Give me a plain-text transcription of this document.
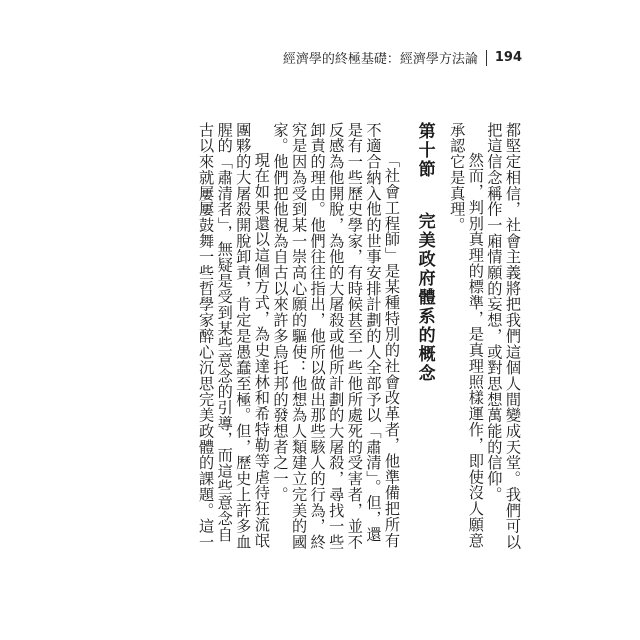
經濟學的終極基礎：經濟學方法論 194

都堅定相信，社會主義將把我們這個人間變成天堂。我們可以把這信念稱作一廂情願的妄想，或對思想萬能的信仰。

然而，判別真理的標準，是真理照樣運作，即使沒人願意承認它是真理。

第十節　完美政府體系的概念

「社會工程師」是某種特別的社會改革者，他準備把所有不適合納入他的世事安排計劃的人全部予以「肅清」。但，還是有一些歷史學家，有時候甚至一些他所處死的受害者，並不反感為他開脫，為他的大屠殺或他所計劃的大屠殺，尋找一些卸責的理由。他們往往指出，他所以做出那些駭人的行為，終究是因為受到某一崇高心願的驅使：他想為人類建立完美的國家。他們把他視為自古以來許多烏托邦的發想者之一。

現在如果還以這個方式，為史達林和希特勒等虐待狂流氓團夥的大屠殺開脫卸責，肯定是愚蠢至極。但，歷史上許多血腥的「肅清者」，無疑是受到某些意念的引導，而這些意念自古以來就屢屢鼓舞一些哲學家醉心沉思完美政體的課題。這一
